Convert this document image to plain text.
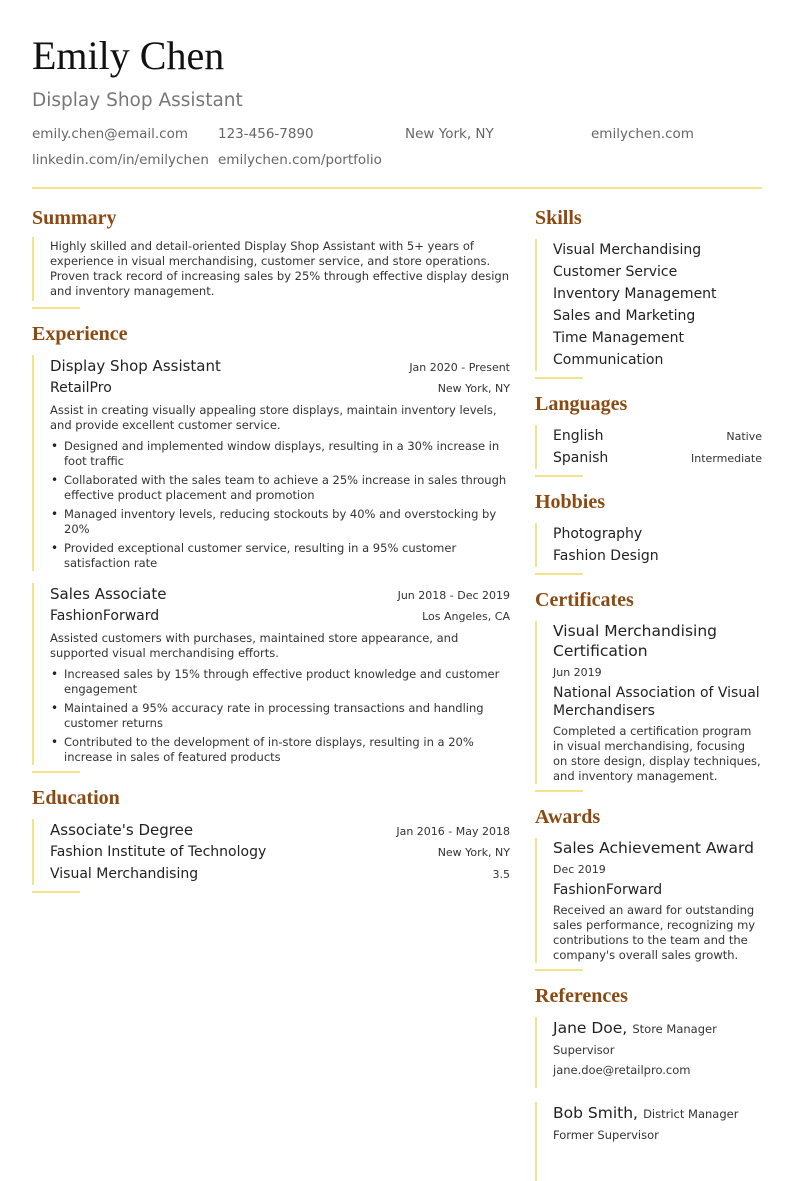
Emily Chen
Display Shop Assistant
emily.chen@email.com 123-456-7890	New York, NY	emilychen.com
linkedin.com/in/emilychen emilychen.com/portfolio
Summary
Highly skilled and detail-oriented Display Shop Assistant with 5+ years of experience in visual merchandising, customer service, and store operations. Proven track record of increasing sales by 25% through effective display design and inventory management.
Experience
Display Shop Assistant	Jan 2020 - Present
RetailPro	New York, NY
Assist in creating visually appealing store displays, maintain inventory levels, and provide excellent customer service.
• Designed and implemented window displays, resulting in a 30% increase in foot traffic
• Collaborated with the sales team to achieve a 25% increase in sales through effective product placement and promotion
• Managed inventory levels, reducing stockouts by 40% and overstocking by 20%
• Provided exceptional customer service, resulting in a 95% customer satisfaction rate
Sales Associate	Jun 2018 - Dec 2019
FashionForward	Los Angeles, CA
Assisted customers with purchases, maintained store appearance, and supported visual merchandising efforts.
• Increased sales by 15% through effective product knowledge and customer engagement
• Maintained a 95% accuracy rate in processing transactions and handling customer returns
• Contributed to the development of in-store displays, resulting in a 20% increase in sales of featured products
Education
Associate's Degree	Jan 2016 - May 2018
Fashion Institute of Technology	New York, NY
Visual Merchandising	3.5
Skills
Visual Merchandising
Customer Service
Inventory Management
Sales and Marketing
Time Management
Communication
Languages
English	Native
Spanish	Intermediate
Hobbies
Photography
Fashion Design
Certificates
Visual Merchandising Certification
Jun 2019
National Association of Visual Merchandisers
Completed a certification program in visual merchandising, focusing on store design, display techniques, and inventory management.
Awards
Sales Achievement Award
Dec 2019
FashionForward
Received an award for outstanding sales performance, recognizing my contributions to the team and the company's overall sales growth.
References
Jane Doe, Store Manager
Supervisor
jane.doe@retailpro.com
Bob Smith, District Manager
Former Supervisor
